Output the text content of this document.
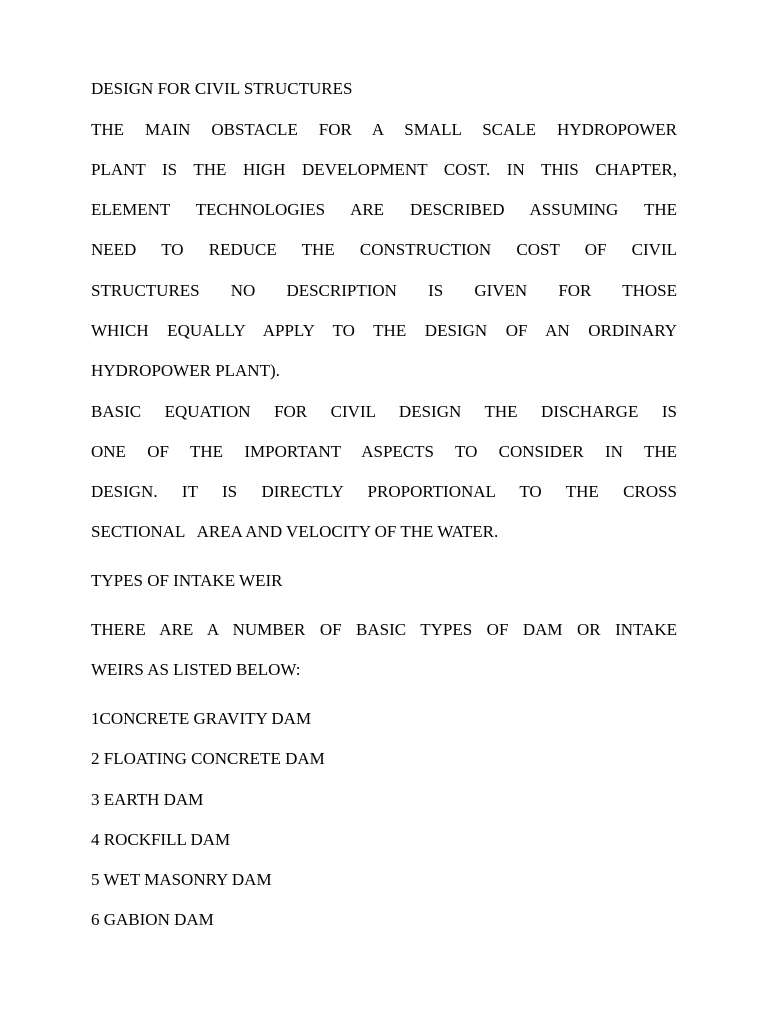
DESIGN FOR CIVIL STRUCTURES
THE MAIN OBSTACLE FOR A SMALL SCALE HYDROPOWER
PLANT IS THE HIGH DEVELOPMENT COST. IN THIS CHAPTER,
ELEMENT TECHNOLOGIES ARE DESCRIBED ASSUMING THE
NEED TO REDUCE THE CONSTRUCTION COST OF CIVIL
STRUCTURES NO DESCRIPTION IS GIVEN FOR THOSE
WHICH EQUALLY APPLY TO THE DESIGN OF AN ORDINARY
HYDROPOWER PLANT).
BASIC EQUATION FOR CIVIL DESIGN THE DISCHARGE IS
ONE OF THE IMPORTANT ASPECTS TO CONSIDER IN THE
DESIGN. IT IS DIRECTLY PROPORTIONAL TO THE CROSS
SECTIONAL   AREA AND VELOCITY OF THE WATER.
TYPES OF INTAKE WEIR
THERE ARE A NUMBER OF BASIC TYPES OF DAM OR INTAKE
WEIRS AS LISTED BELOW:
1CONCRETE GRAVITY DAM
2 FLOATING CONCRETE DAM
3 EARTH DAM
4 ROCKFILL DAM
5 WET MASONRY DAM
6 GABION DAM
